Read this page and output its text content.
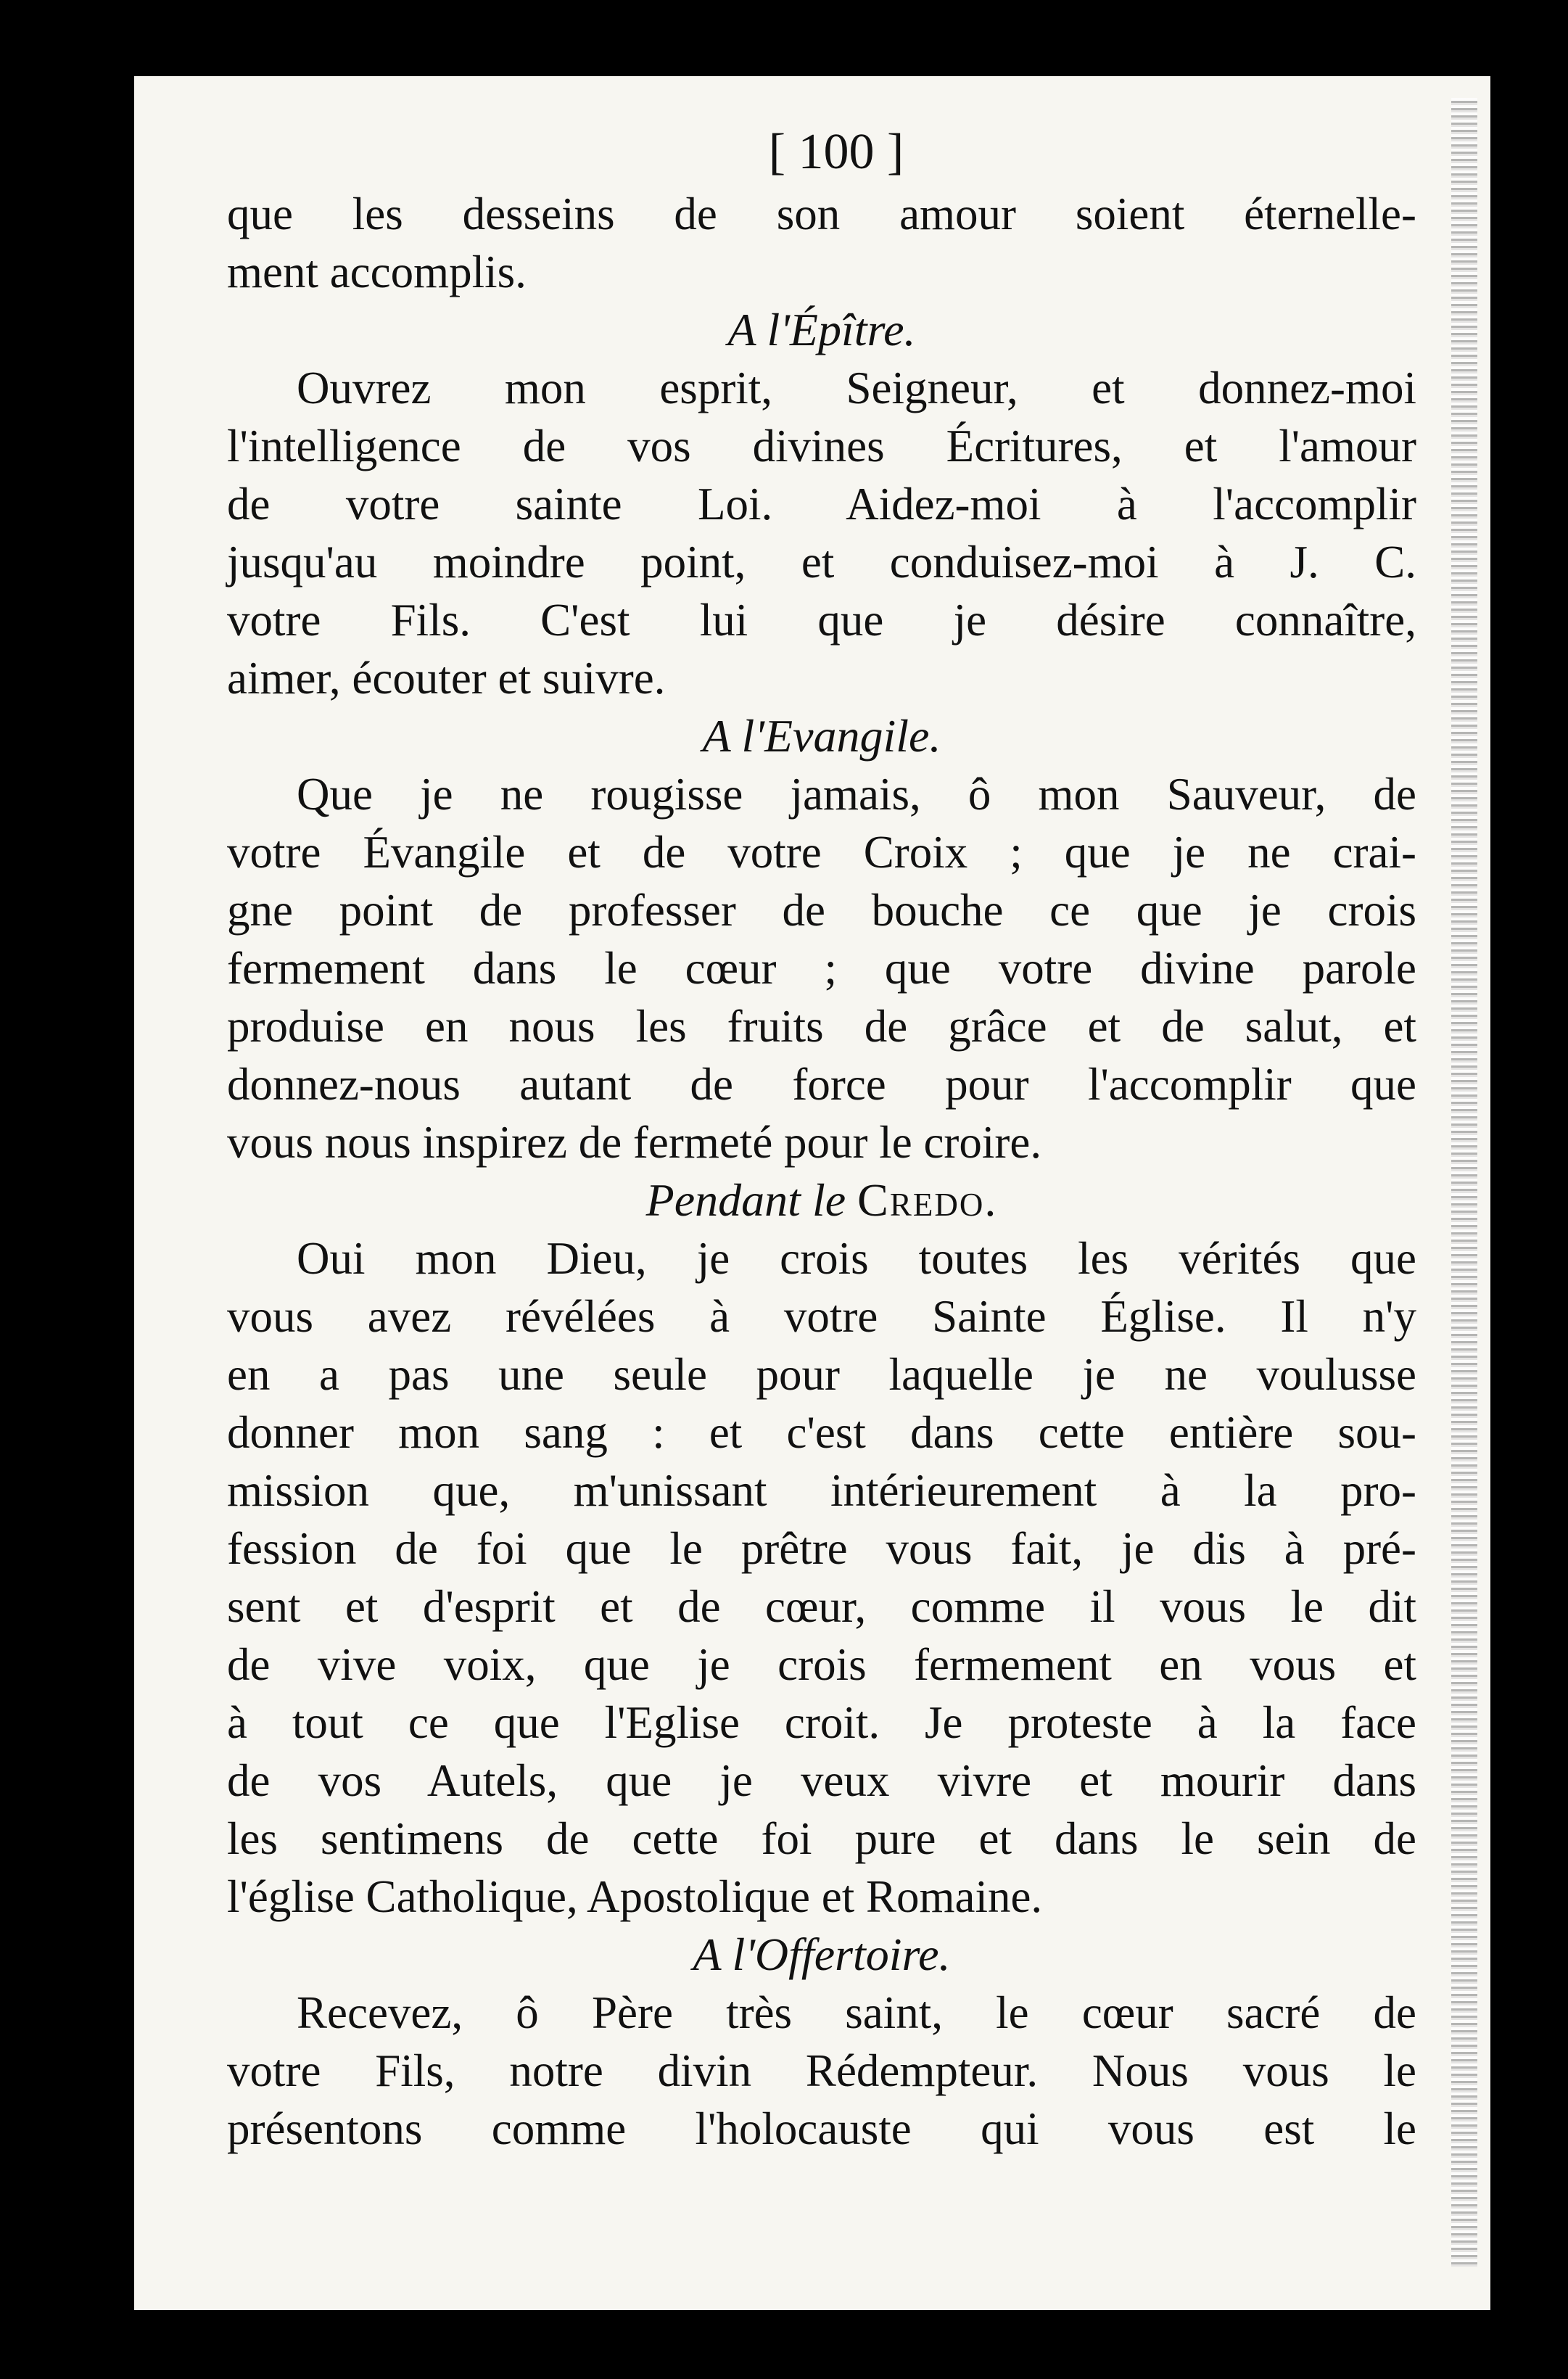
[ 100 ]
que les desseins de son amour soient éternelle-
ment accomplis.
A l'Épître.
Ouvrez mon esprit, Seigneur, et donnez-moi
l'intelligence de vos divines Écritures, et l'amour
de votre sainte Loi. Aidez-moi à l'accomplir
jusqu'au moindre point, et conduisez-moi à J. C.
votre Fils. C'est lui que je désire connaître,
aimer, écouter et suivre.
A l'Evangile.
Que je ne rougisse jamais, ô mon Sauveur, de
votre Évangile et de votre Croix ; que je ne crai-
gne point de professer de bouche ce que je crois
fermement dans le cœur ; que votre divine parole
produise en nous les fruits de grâce et de salut, et
donnez-nous autant de force pour l'accomplir que
vous nous inspirez de fermeté pour le croire.
Pendant le Credo.
Oui mon Dieu, je crois toutes les vérités que
vous avez révélées à votre Sainte Église. Il n'y
en a pas une seule pour laquelle je ne voulusse
donner mon sang : et c'est dans cette entière sou-
mission que, m'unissant intérieurement à la pro-
fession de foi que le prêtre vous fait, je dis à pré-
sent et d'esprit et de cœur, comme il vous le dit
de vive voix, que je crois fermement en vous et
à tout ce que l'Eglise croit. Je proteste à la face
de vos Autels, que je veux vivre et mourir dans
les sentimens de cette foi pure et dans le sein de
l'église Catholique, Apostolique et Romaine.
A l'Offertoire.
Recevez, ô Père très saint, le cœur sacré de
votre Fils, notre divin Rédempteur. Nous vous le
présentons comme l'holocauste qui vous est le
